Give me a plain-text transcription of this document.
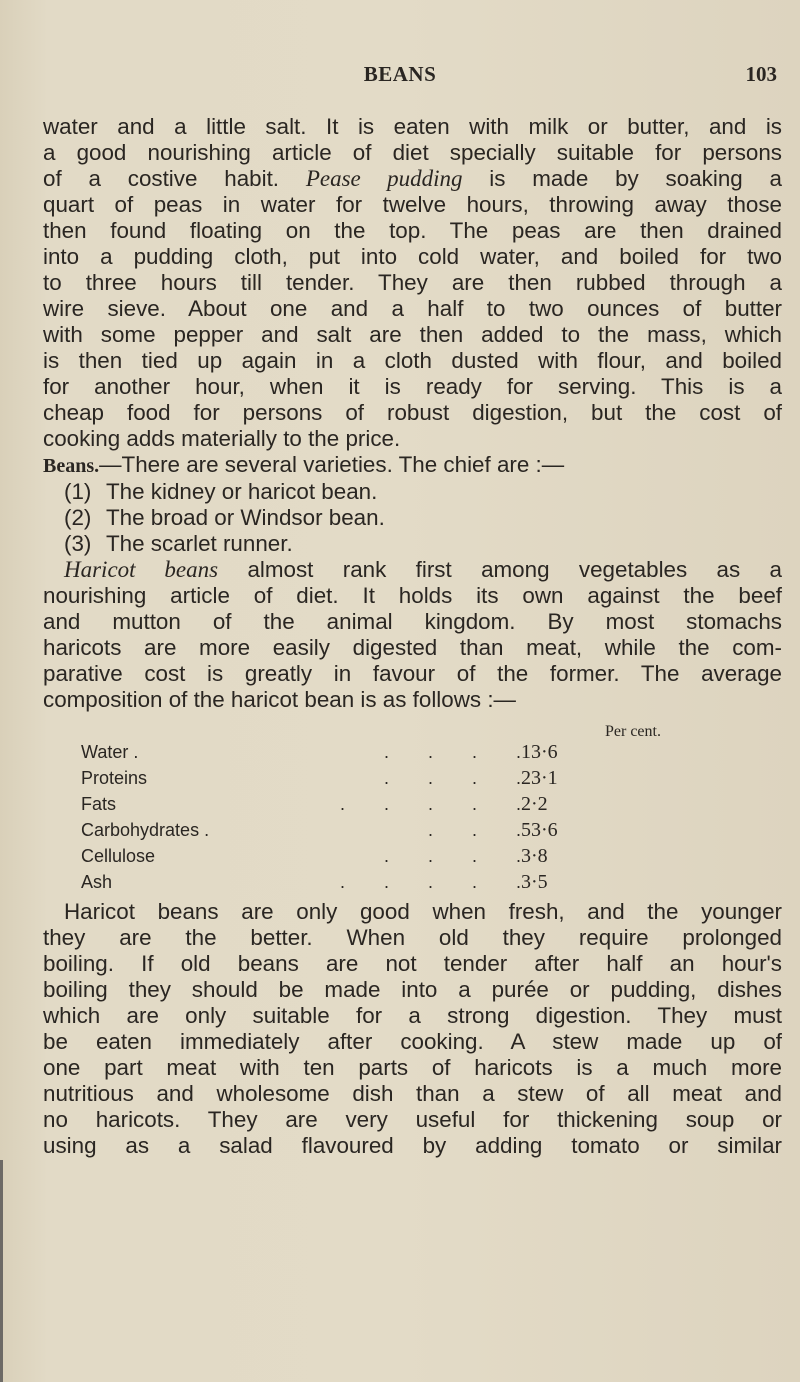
BEANS	103
water and a little salt. It is eaten with milk or butter, and is
a good nourishing article of diet specially suitable for persons
of a costive habit. Pease pudding is made by soaking a
quart of peas in water for twelve hours, throwing away those
then found floating on the top. The peas are then drained
into a pudding cloth, put into cold water, and boiled for two
to three hours till tender. They are then rubbed through a
wire sieve. About one and a half to two ounces of butter
with some pepper and salt are then added to the mass, which
is then tied up again in a cloth dusted with flour, and boiled
for another hour, when it is ready for serving. This is a
cheap food for persons of robust digestion, but the cost of
cooking adds materially to the price.
Beans.—There are several varieties. The chief are :—
(1) The kidney or haricot bean.
(2) The broad or Windsor bean.
(3) The scarlet runner.
Haricot beans almost rank first among vegetables as a
nourishing article of diet. It holds its own against the beef
and mutton of the animal kingdom. By most stomachs
haricots are more easily digested than meat, while the com-
parative cost is greatly in favour of the former. The average
composition of the haricot bean is as follows :—
Per cent.
Water .	. . . .	13·6
Proteins	. . . .	23·1
Fats	. . . . .	2·2
Carbohydrates .	. . .	53·6
Cellulose	. . . .	3·8
Ash	. . . . .	3·5
Haricot beans are only good when fresh, and the younger
they are the better. When old they require prolonged
boiling. If old beans are not tender after half an hour's
boiling they should be made into a purée or pudding, dishes
which are only suitable for a strong digestion. They must
be eaten immediately after cooking. A stew made up of
one part meat with ten parts of haricots is a much more
nutritious and wholesome dish than a stew of all meat and
no haricots. They are very useful for thickening soup or
using as a salad flavoured by adding tomato or similar
